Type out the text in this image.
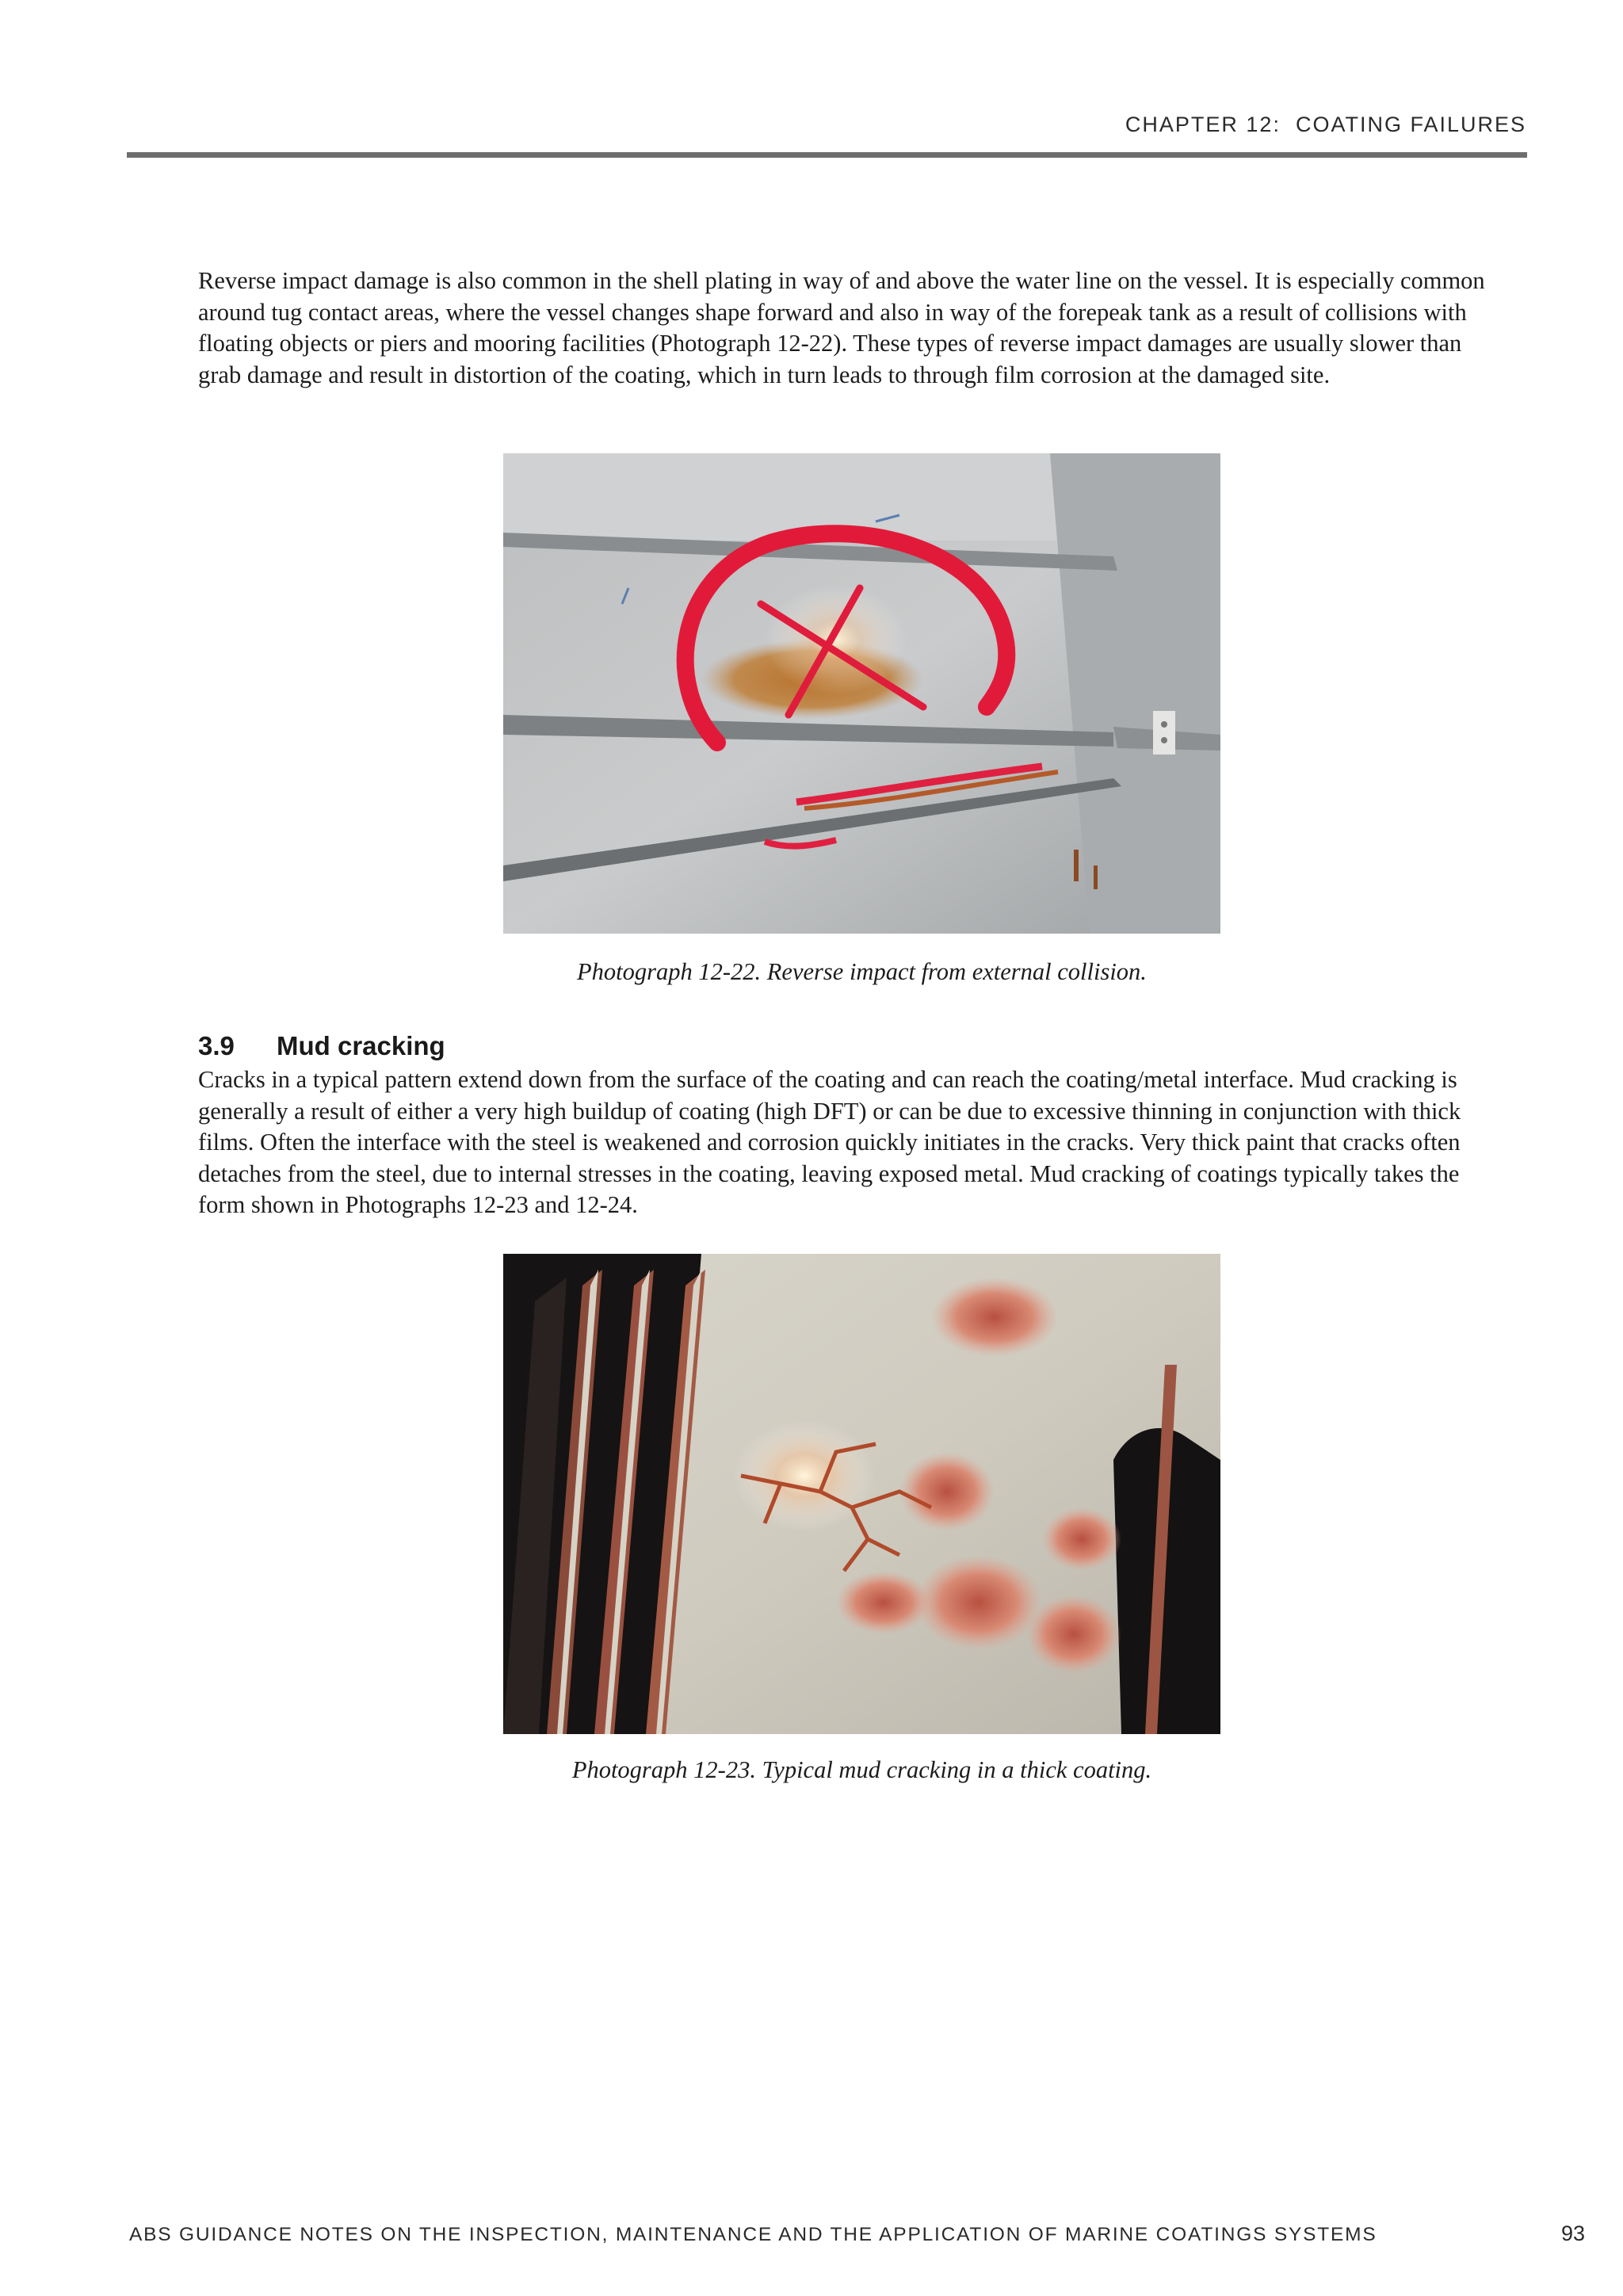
CHAPTER 12:  COATING FAILURES

Reverse impact damage is also common in the shell plating in way of and above the water line on the vessel. It is especially common around tug contact areas, where the vessel changes shape forward and also in way of the forepeak tank as a result of collisions with floating objects or piers and mooring facilities (Photograph 12-22). These types of reverse impact damages are usually slower than grab damage and result in distortion of the coating, which in turn leads to through film corrosion at the damaged site.

Photograph 12-22. Reverse impact from external collision.

3.9 Mud cracking

Cracks in a typical pattern extend down from the surface of the coating and can reach the coating/metal interface. Mud cracking is generally a result of either a very high buildup of coating (high DFT) or can be due to excessive thinning in conjunction with thick films. Often the interface with the steel is weakened and corrosion quickly initiates in the cracks. Very thick paint that cracks often detaches from the steel, due to internal stresses in the coating, leaving exposed metal. Mud cracking of coatings typically takes the form shown in Photographs 12-23 and 12-24.

Photograph 12-23. Typical mud cracking in a thick coating.

ABS GUIDANCE NOTES ON THE INSPECTION, MAINTENANCE AND THE APPLICATION OF MARINE COATINGS SYSTEMS	93
